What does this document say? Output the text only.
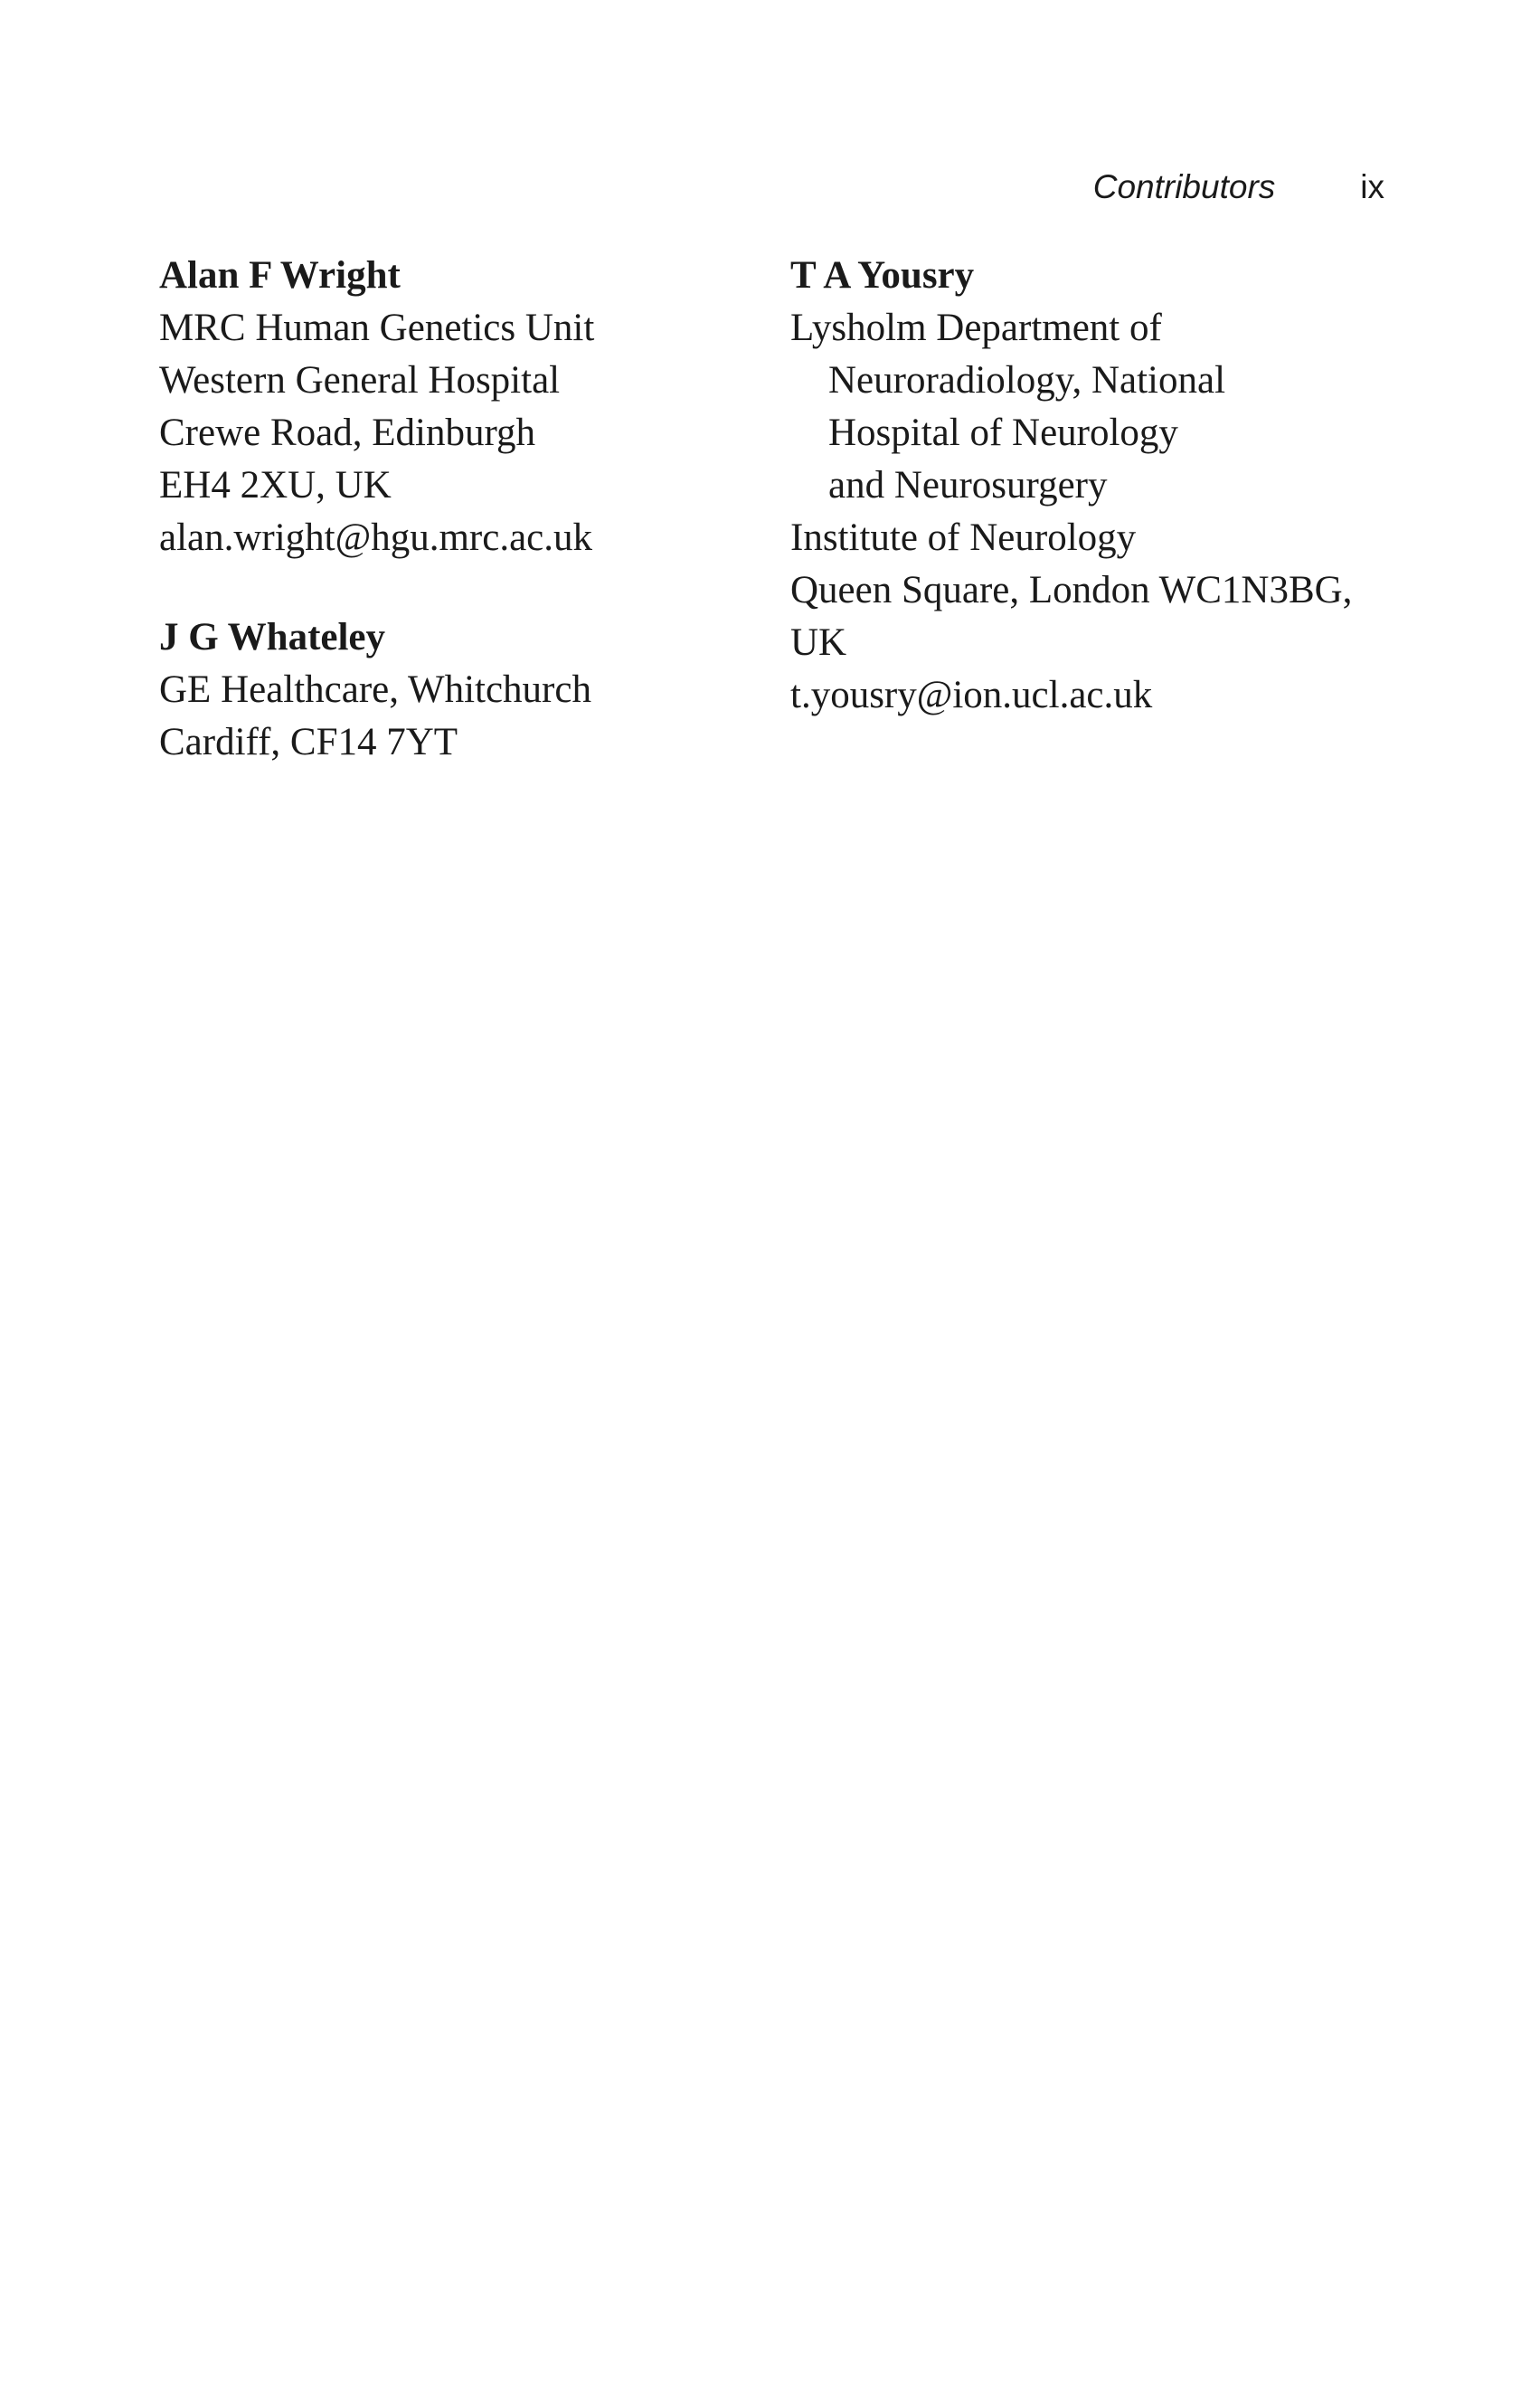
Contributors	ix
Alan F Wright
MRC Human Genetics Unit
Western General Hospital
Crewe Road, Edinburgh
EH4 2XU, UK
alan.wright@hgu.mrc.ac.uk
J G Whateley
GE Healthcare, Whitchurch
Cardiff, CF14 7YT
T A Yousry
Lysholm Department of
Neuroradiology, National
Hospital of Neurology
and Neurosurgery
Institute of Neurology
Queen Square, London WC1N3BG,
UK
t.yousry@ion.ucl.ac.uk
